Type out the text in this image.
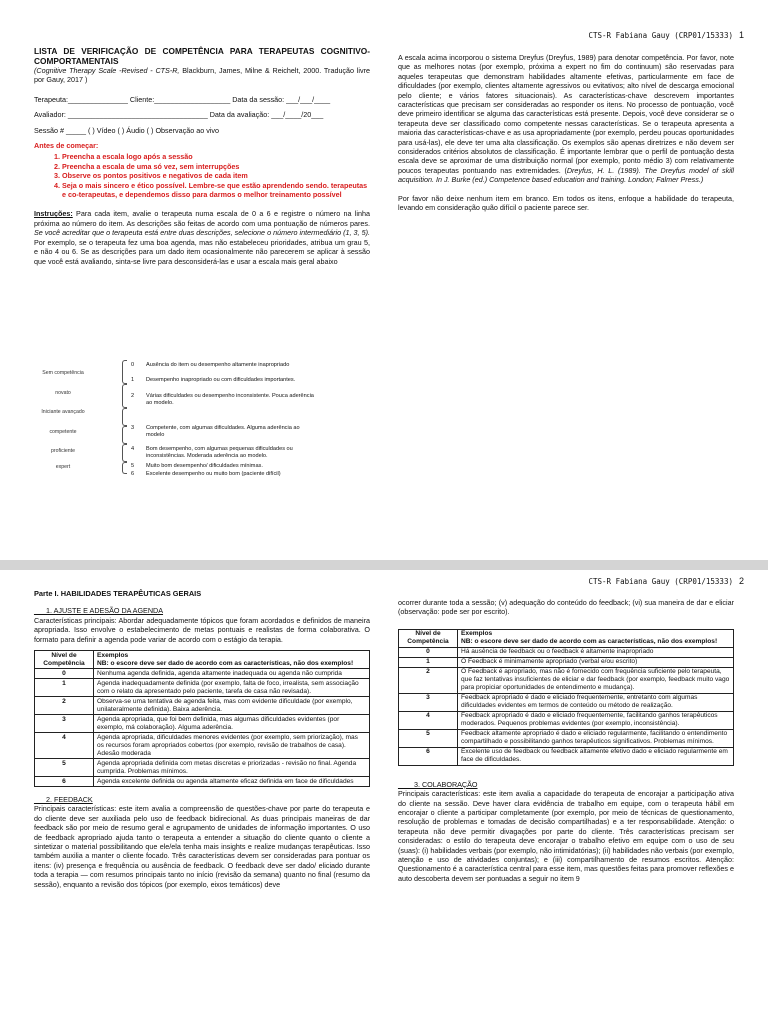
CTS-R Fabiana Gauy (CRP01/15333) 1
LISTA DE VERIFICAÇÃO DE COMPETÊNCIA PARA TERAPEUTAS COGNITIVO-COMPORTAMENTAIS
(Cognitive Therapy Scale -Revised - CTS-R, Blackburn, James, Milne & Reichelt, 2000. Tradução livre por Gauy, 2017 )
Terapeuta:_______________ Cliente:___________________ Data da sessão: ___/___/____
Avaliador: ___________________________________ Data da avaliação: ___/____/20___
Sessão # _____ ( ) Vídeo ( ) Áudio ( ) Observação ao vivo
Antes de começar:
1. Preencha a escala logo após a sessão
2. Preencha a escala de uma só vez, sem interrupções
3. Observe os pontos positivos e negativos de cada item
4. Seja o mais sincero e ético possível. Lembre-se que estão aprendendo sendo. terapeutas e co-terapeutas, e dependemos disso para darmos o melhor treinamento possível
Instruções: Para cada item, avalie o terapeuta numa escala de 0 a 6 e registre o número na linha próxima ao número do item. As descrições são feitas de acordo com uma pontuação de números pares. Se você acreditar que o terapeuta está entre duas descrições, selecione o número intermediário (1, 3, 5). Por exemplo, se o terapeuta fez uma boa agenda, mas não estabeleceu prioridades, atribua um grau 5, e não 4 ou 6. Se as descrições para um dado item ocasionalmente não parecerem se aplicar à sessão que você está avaliando, sinta-se livre para desconsiderá-las e usar a escala mais geral abaixo
Sem competência
novato
Iniciante avançado
competente
proficiente
expert
0	Ausência do item ou desempenho altamente inapropriado
1	Desempenho inapropriado ou com dificuldades importantes.
2	Várias dificuldades ou desempenho inconsistente. Pouca aderência ao modelo.
3	Competente, com algumas dificuldades. Alguma aderência ao modelo
4	Bom desempenho, com algumas pequenas dificuldades ou inconsistências. Moderada aderência ao modelo.
5	Muito bom desempenho/ dificuldades mínimas.
6	Excelente desempenho ou muito bom (paciente difícil)
A escala acima incorporou o sistema Dreyfus (Dreyfus, 1989) para denotar competência. Por favor, note que as melhores notas (por exemplo, próxima a expert no fim do continuum) são reservadas para aqueles terapeutas que demonstram habilidades altamente efetivas, particularmente em face de dificuldades (por exemplo, clientes altamente agressivos ou evitativos; alto nível de descarga emocional pelo cliente; e vários fatores situacionais). As características-chave descrevem importantes características que precisam ser consideradas ao responder os itens. No processo de pontuação, você deve primeiro identificar se alguma das características está presente. Depois, você deve considerar se o terapeuta deve ser classificado como competente nessas características. Se o terapeuta apresenta a maioria das características-chave e as usa apropriadamente (por exemplo, perdeu poucas oportunidades para usá-las), ele deve ter uma alta classificação. Os exemplos são apenas diretrizes e não devem ser considerados critérios absolutos de classificação. É importante lembrar que o perfil de pontuação desta escala deve se aproximar de uma distribuição normal (por exemplo, ponto médio 3) com relativamente poucos terapeutas pontuando nas extremidades. (Dreyfus, H. L. (1989). The Dreyfus model of skill acquisition. In J. Burke (ed.) Competence based education and training. London; Falmer Press.)
Por favor não deixe nenhum item em branco. Em todos os itens, enfoque a habilidade do terapeuta, levando em consideração quão difícil o paciente parece ser.
CTS-R Fabiana Gauy (CRP01/15333) 2
Parte I. HABILIDADES TERAPÊUTICAS GERAIS
___1. AJUSTE E ADESÃO DA AGENDA
Características principais: Abordar adequadamente tópicos que foram acordados e definidos de maneira apropriada. Isso envolve o estabelecimento de metas pontuais e realistas de forma colaborativa. O formato para definir a agenda pode variar de acordo com o estágio da terapia.
Nível de Competência	Exemplos
NB: o escore deve ser dado de acordo com as características, não dos exemplos!

0	Nenhuma agenda definida, agenda altamente inadequada ou agenda não cumprida
1	Agenda inadequadamente definida (por exemplo, falta de foco, irrealista, sem associação com o relato da apresentado pelo paciente, tarefa de casa não revisada).
2	Observa-se uma tentativa de agenda feita, mas com evidente dificuldade (por exemplo, unilateralmente definida). Baixa aderência.
3	Agenda apropriada, que foi bem definida, mas algumas dificuldades evidentes (por exemplo, má colaboração). Alguma aderência.
4	Agenda apropriada, dificuldades menores evidentes (por exemplo, sem priorização), mas os recursos foram apropriados cobertos (por exemplo, revisão de trabalhos de casa). Adesão moderada
5	Agenda apropriada definida com metas discretas e priorizadas - revisão no final. Agenda cumprida. Problemas mínimos.
6	Agenda excelente definida ou agenda altamente eficaz definida em face de dificuldades
___2. FEEDBACK
Principais características: este item avalia a compreensão de questões-chave por parte do terapeuta e do cliente deve ser auxiliada pelo uso de feedback bidirecional. As duas principais maneiras de dar feedback são por meio de resumo geral e agrupamento de unidades de informação importantes. O uso de feedback apropriado ajuda tanto o terapeuta a entender a situação do cliente quanto o cliente a sintetizar o material possibilitando que ele/ela tenha mais insights e realize mudanças terapêuticas. Isso também auxilia a manter o cliente focado. Três características devem ser consideradas para pontuar os itens: (iv) presença e frequência ou ausência de feedback. O feedback deve ser dado/ eliciado durante toda a terapia — com resumos principais tanto no início (revisão da semana) quanto no final (resumo da sessão), enquanto a revisão dos tópicos (por exemplo, eixos temáticos) deve
ocorrer durante toda a sessão; (v) adequação do conteúdo do feedback; (vi) sua maneira de dar e eliciar (observação: pode ser por escrito).
Nível de Competência	Exemplos
NB: o escore deve ser dado de acordo com as características, não dos exemplos!

0	Há ausência de feedback ou o feedback é altamente inapropriado
1	O Feedback é minimamente apropriado (verbal e/ou escrito)
2	O Feedback é apropriado, mas não é fornecido com frequência suficiente pelo terapeuta, que faz tentativas insuficientes de eliciar e dar feedback (por exemplo, feedback muito vago para propiciar oportunidades de entendimento e mudança).
3	Feedback apropriado é dado e eliciado frequentemente, entretanto com algumas dificuldades evidentes em termos de conteúdo ou método de realização.
4	Feedback apropriado é dado e eliciado frequentemente, facilitando ganhos terapêuticos moderados. Pequenos problemas evidentes (por exemplo, inconsistência).
5	Feedback altamente apropriado é dado e eliciado regularmente, facilitando o entendimento compartilhado e possibilitando ganhos terapêuticos significativos. Problemas mínimos.
6	Excelente uso de feedback ou feedback altamente efetivo dado e eliciado regularmente em face de dificuldades.
____3. COLABORAÇÃO
Principais características: este item avalia a capacidade do terapeuta de encorajar a participação ativa do cliente na sessão. Deve haver clara evidência de trabalho em equipe, com o terapeuta hábil em encorajar o cliente a participar completamente (por exemplo, por meio de técnicas de questionamento, resolução de problemas e tomadas de decisão compartilhadas) e a ter responsabilidade. Atenção: o terapeuta não deve permitir divagações por parte do cliente. Três características precisam ser consideradas: o estilo do terapeuta deve encorajar o trabalho efetivo em equipe com o uso de seu (suas): (i) habilidades verbais (por exemplo, não intimidatórias); (ii) habilidades não verbais (por exemplo, atenção e uso de atividades conjuntas); e (iii) compartilhamento de resumos escritos. Atenção: Questionamento é a característica central para esse item, mas questões feitas para promover reflexões e auto descoberta devem ser pontuadas a seguir no item 9
